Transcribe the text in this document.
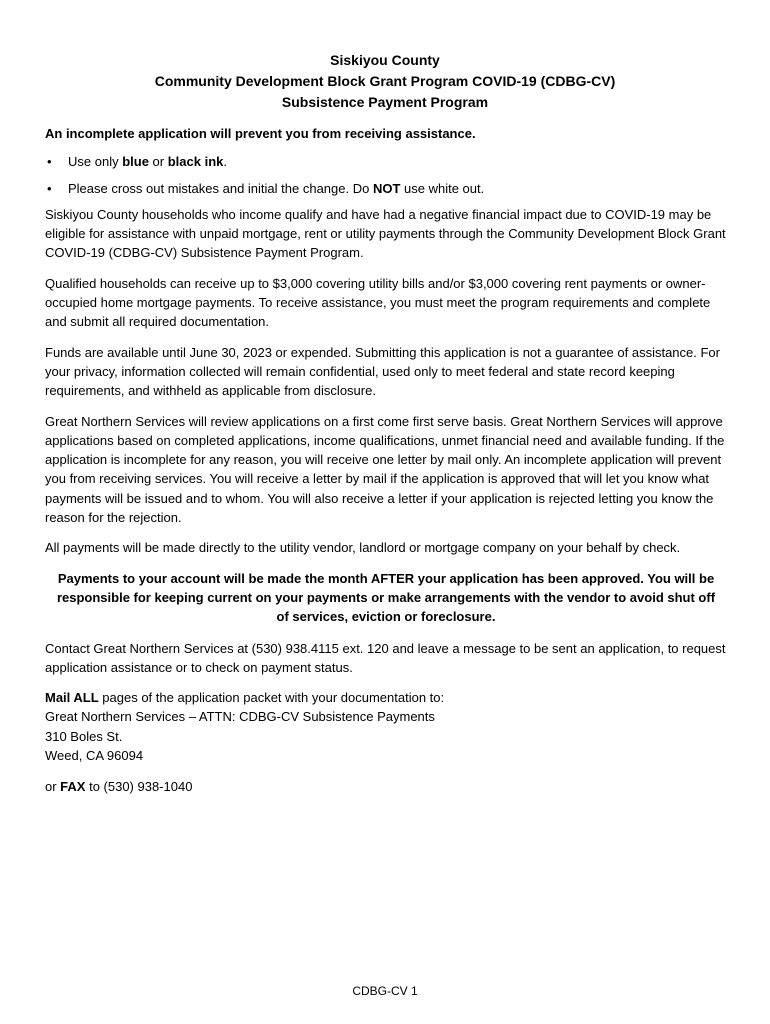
Siskiyou County
Community Development Block Grant Program COVID-19 (CDBG-CV)
Subsistence Payment Program
An incomplete application will prevent you from receiving assistance.
• Use only blue or black ink.
• Please cross out mistakes and initial the change. Do NOT use white out.

Siskiyou County households who income qualify and have had a negative financial impact due to COVID-19 may be eligible for assistance with unpaid mortgage, rent or utility payments through the Community Development Block Grant COVID-19 (CDBG-CV) Subsistence Payment Program.

Qualified households can receive up to $3,000 covering utility bills and/or $3,000 covering rent payments or owner-occupied home mortgage payments. To receive assistance, you must meet the program requirements and complete and submit all required documentation.

Funds are available until June 30, 2023 or expended. Submitting this application is not a guarantee of assistance. For your privacy, information collected will remain confidential, used only to meet federal and state record keeping requirements, and withheld as applicable from disclosure.

Great Northern Services will review applications on a first come first serve basis. Great Northern Services will approve applications based on completed applications, income qualifications, unmet financial need and available funding. If the application is incomplete for any reason, you will receive one letter by mail only. An incomplete application will prevent you from receiving services. You will receive a letter by mail if the application is approved that will let you know what payments will be issued and to whom. You will also receive a letter if your application is rejected letting you know the reason for the rejection.

All payments will be made directly to the utility vendor, landlord or mortgage company on your behalf by check.

Payments to your account will be made the month AFTER your application has been approved. You will be responsible for keeping current on your payments or make arrangements with the vendor to avoid shut off of services, eviction or foreclosure.

Contact Great Northern Services at (530) 938.4115 ext. 120 and leave a message to be sent an application, to request application assistance or to check on payment status.

Mail ALL pages of the application packet with your documentation to:
Great Northern Services – ATTN: CDBG-CV Subsistence Payments
310 Boles St.
Weed, CA 96094
or FAX to (530) 938-1040
CDBG-CV 1
